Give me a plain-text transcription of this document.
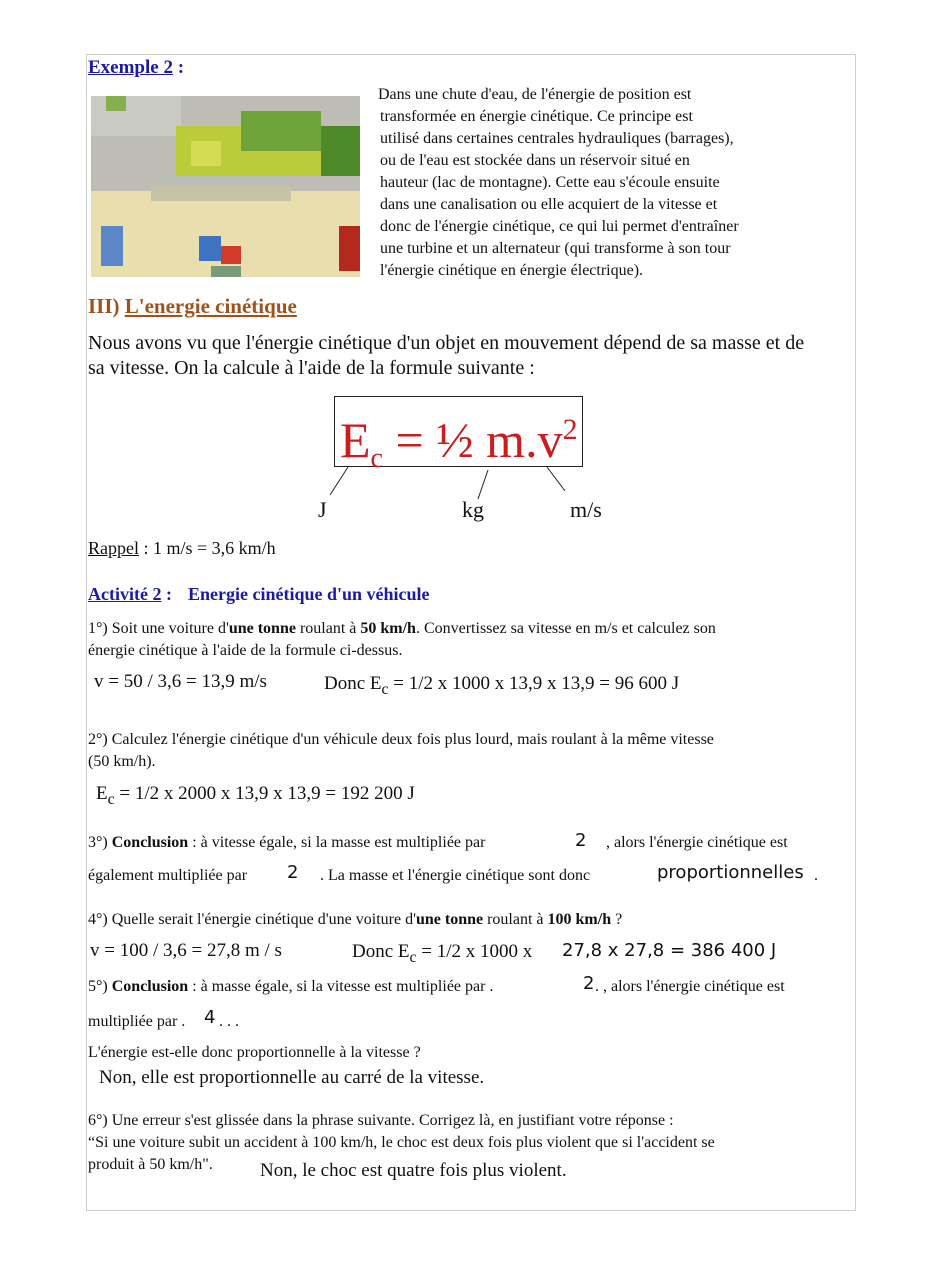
Exemple 2 :
Dans une chute d'eau, de l'énergie de position est
transformée en énergie cinétique. Ce principe est
utilisé dans certaines centrales hydrauliques (barrages),
ou de l'eau est stockée dans un réservoir situé en
hauteur (lac de montagne). Cette eau s'écoule ensuite
dans une canalisation ou elle acquiert de la vitesse et
donc de l'énergie cinétique, ce qui lui permet d'entraîner
une turbine et un alternateur (qui transforme à son tour
l'énergie cinétique en énergie électrique).
III) L'energie cinétique
Nous avons vu que l'énergie cinétique d'un objet en mouvement dépend de sa masse et de
sa vitesse. On la calcule à l'aide de la formule suivante :
$E_c$ = ½ $m.v^2$
J	kg	m/s
Rappel : 1 m/s = 3,6 km/h
Activité 2 : Energie cinétique d'un véhicule
1°) Soit une voiture d'une tonne roulant à 50 km/h. Convertissez sa vitesse en m/s et calculez son
énergie cinétique à l'aide de la formule ci-dessus.
v = 50 / 3,6 = 13,9 m/s	Donc $E_c = 1/2$ x 1000 x 13,9 x 13,9 = 96 600 J
2°) Calculez l'énergie cinétique d'un véhicule deux fois plus lourd, mais roulant à la même vitesse
(50 km/h).
$E_c = 1/2$ x 2000 x 13,9 x 13,9 = 192 200 J
3°) Conclusion : à vitesse égale, si la masse est multipliée par	2 , alors l'énergie cinétique est
également multipliée par 2 . La masse et l'énergie cinétique sont donc	proportionnelles .
4°) Quelle serait l'énergie cinétique d'une voiture d'une tonne roulant à 100 km/h ?
v = 100 / 3,6 = 27,8 m / s	Donc $E_c = 1/2$ x 1000 x 27,8 x 27,8 = 386 400 J
5°) Conclusion : à masse égale, si la vitesse est multipliée par .	2 . , alors l'énergie cinétique est
multipliée par . 4 . . .
L'énergie est-elle donc proportionnelle à la vitesse ?
Non, elle est proportionnelle au carré de la vitesse.
6°) Une erreur s'est glissée dans la phrase suivante. Corrigez là, en justifiant votre réponse :
“Si une voiture subit un accident à 100 km/h, le choc est deux fois plus violent que si l'accident se
produit à 50 km/h".	Non, le choc est quatre fois plus violent.
